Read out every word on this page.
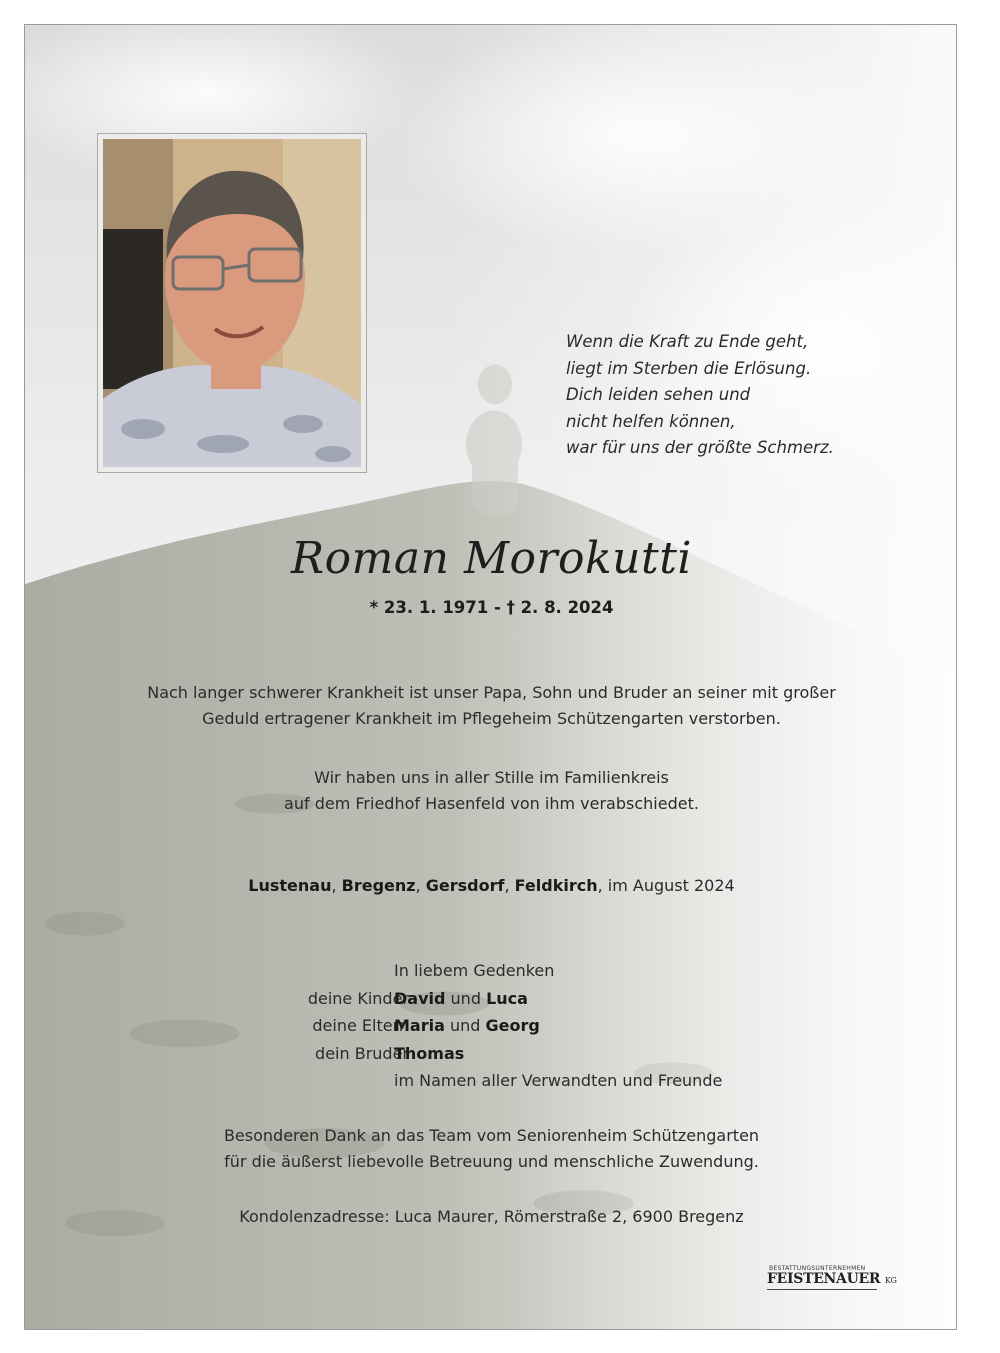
Wenn die Kraft zu Ende geht,
liegt im Sterben die Erlösung.
Dich leiden sehen und
nicht helfen können,
war für uns der größte Schmerz.
Roman Morokutti
* 23. 1. 1971 - † 2. 8. 2024
Nach langer schwerer Krankheit ist unser Papa, Sohn und Bruder an seiner mit großer
Geduld ertragener Krankheit im Pflegeheim Schützengarten verstorben.
Wir haben uns in aller Stille im Familienkreis
auf dem Friedhof Hasenfeld von ihm verabschiedet.
Lustenau, Bregenz, Gersdorf, Feldkirch, im August 2024
In liebem Gedenken
deine Kinder
David und Luca
deine Eltern
Maria und Georg
dein Bruder
Thomas
im Namen aller Verwandten und Freunde
Besonderen Dank an das Team vom Seniorenheim Schützengarten
für die äußerst liebevolle Betreuung und menschliche Zuwendung.
Kondolenzadresse: Luca Maurer, Römerstraße 2, 6900 Bregenz
BESTATTUNGSUNTERNEHMEN
FEISTENAUER KG
